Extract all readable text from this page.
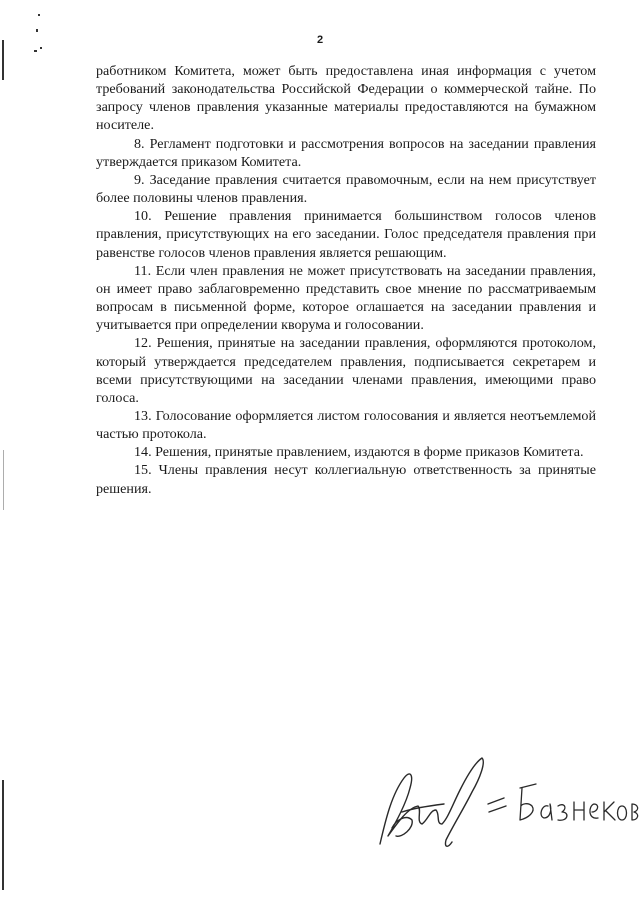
2

работником Комитета, может быть предоставлена иная информация с учетом требований законодательства Российской Федерации о коммерческой тайне. По запросу членов правления указанные материалы предоставляются на бумажном носителе.

8. Регламент подготовки и рассмотрения вопросов на заседании правления утверждается приказом Комитета.

9. Заседание правления считается правомочным, если на нем присутствует более половины членов правления.

10. Решение правления принимается большинством голосов членов правления, присутствующих на его заседании. Голос председателя правления при равенстве голосов членов правления является решающим.

11. Если член правления не может присутствовать на заседании правления, он имеет право заблаговременно представить свое мнение по рассматриваемым вопросам в письменной форме, которое оглашается на заседании правления и учитывается при определении кворума и голосовании.

12. Решения, принятые на заседании правления, оформляются протоколом, который утверждается председателем правления, подписывается секретарем и всеми присутствующими на заседании членами правления, имеющими право голоса.

13. Голосование оформляется листом голосования и является неотъемлемой частью протокола.

14. Решения, принятые правлением, издаются в форме приказов Комитета.

15. Члены правления несут коллегиальную ответственность за принятые решения.
